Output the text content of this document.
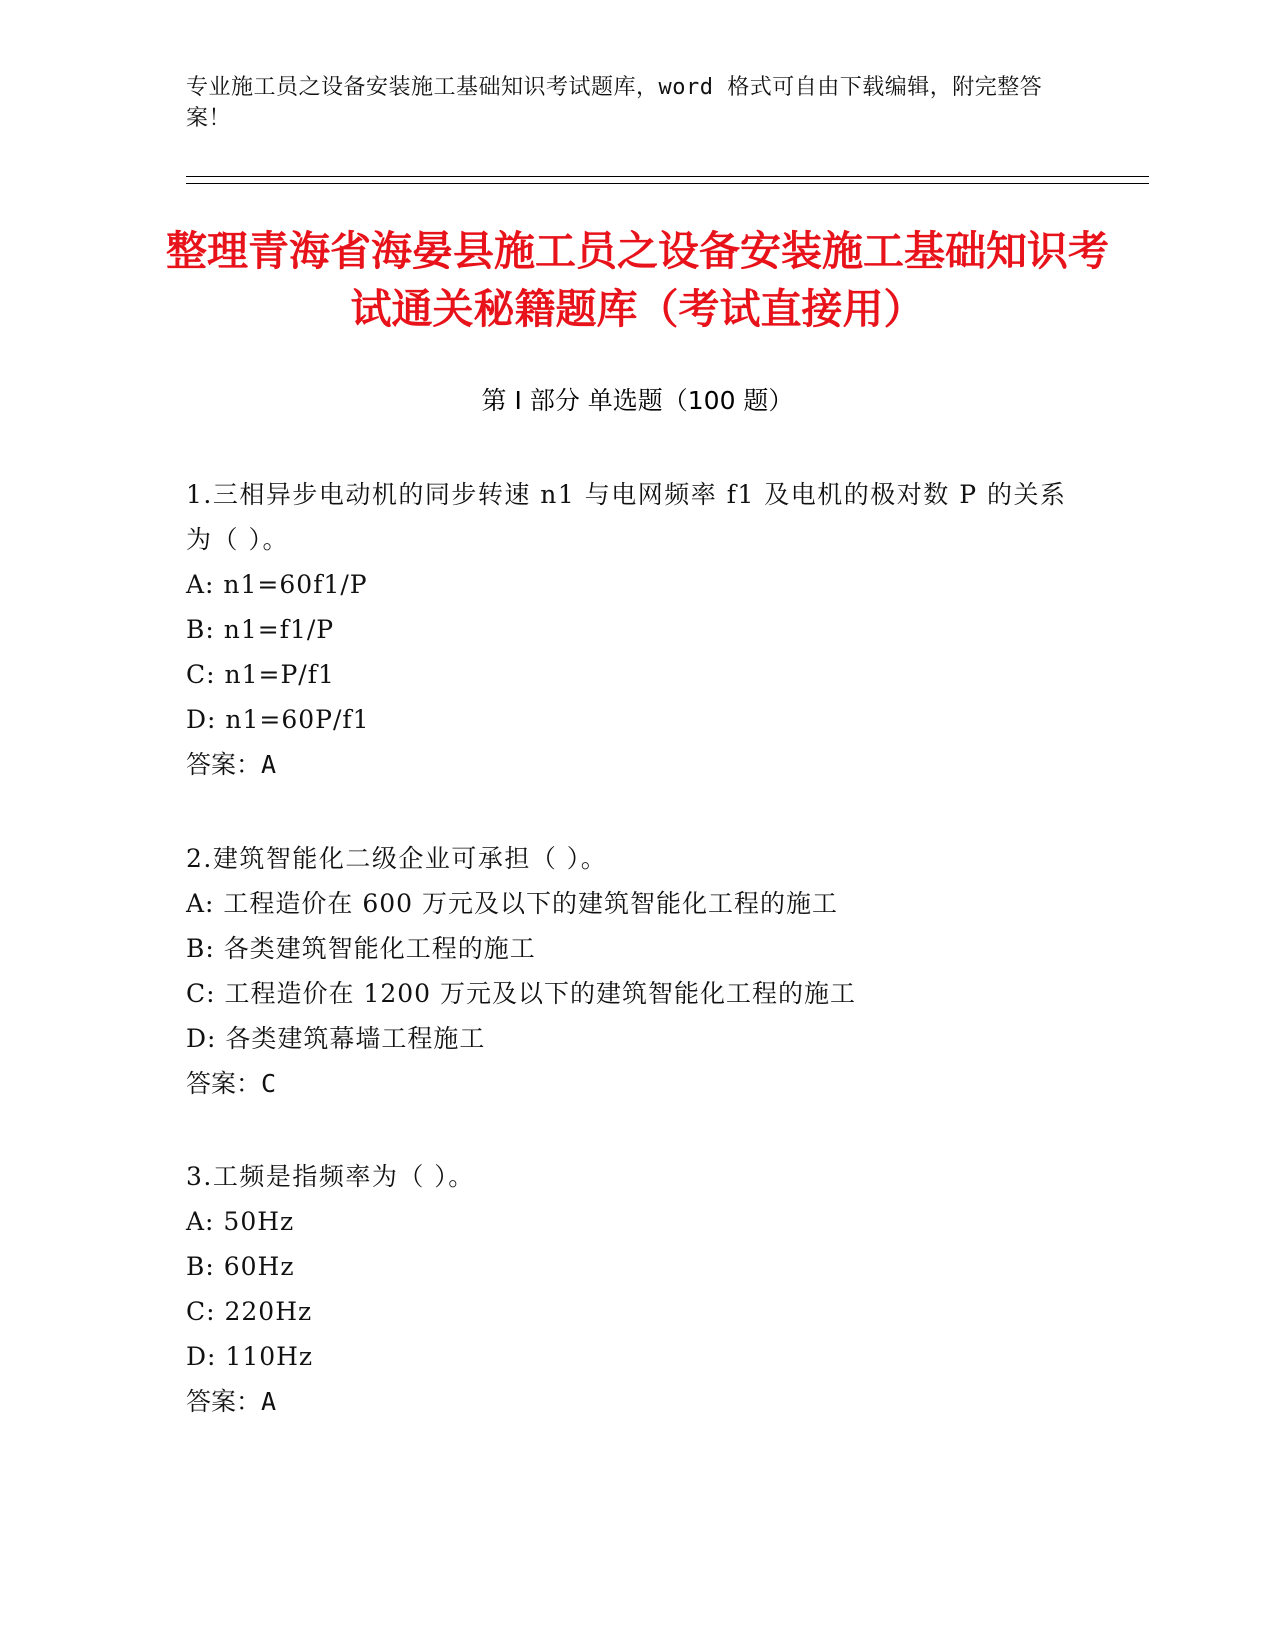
专业施工员之设备安装施工基础知识考试题库，word 格式可自由下载编辑，附完整答案！
整理青海省海晏县施工员之设备安装施工基础知识考试通关秘籍题库（考试直接用）
第 I 部分 单选题（100 题）
1.三相异步电动机的同步转速 n1 与电网频率 f1 及电机的极对数 P 的关系为（ ）。
A: n1=60f1/P
B: n1=f1/P
C: n1=P/f1
D: n1=60P/f1
答案：A
2.建筑智能化二级企业可承担（ ）。
A: 工程造价在 600 万元及以下的建筑智能化工程的施工
B: 各类建筑智能化工程的施工
C: 工程造价在 1200 万元及以下的建筑智能化工程的施工
D: 各类建筑幕墙工程施工
答案：C
3.工频是指频率为（ ）。
A: 50Hz
B: 60Hz
C: 220Hz
D: 110Hz
答案：A
